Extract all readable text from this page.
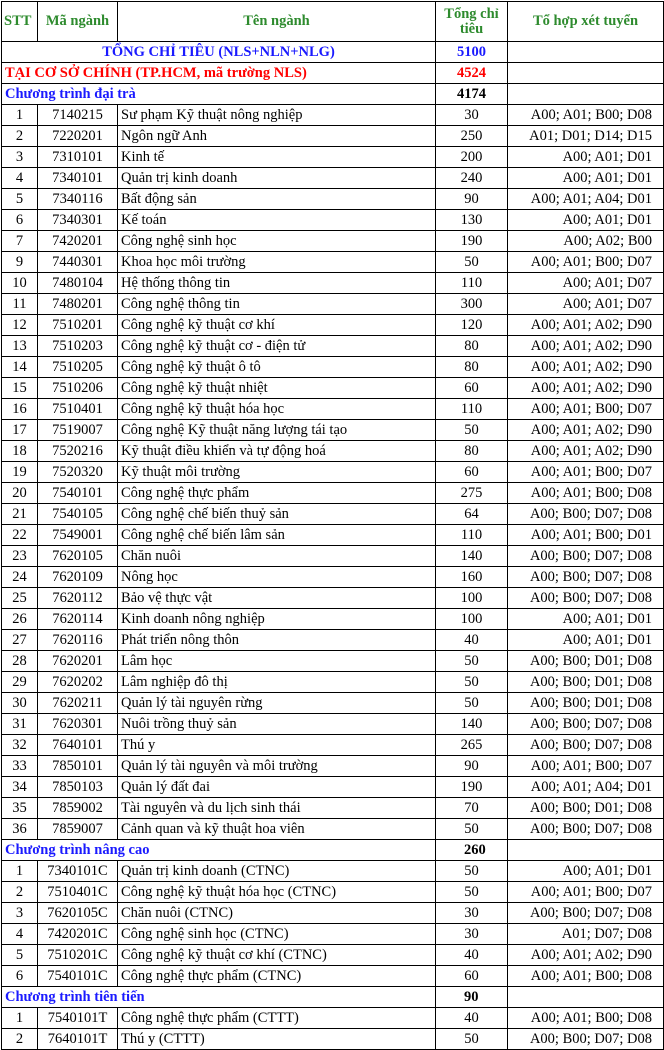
STT	Mã ngành	Tên ngành	Tổng chỉ tiêu	Tổ hợp xét tuyển
TỔNG CHỈ TIÊU (NLS+NLN+NLG)			5100	
TẠI CƠ SỞ CHÍNH (TP.HCM, mã trường NLS)			4524	
Chương trình đại trà			4174	
1	7140215	Sư phạm Kỹ thuật nông nghiệp	30	A00; A01; B00; D08
2	7220201	Ngôn ngữ Anh	250	A01; D01; D14; D15
3	7310101	Kinh tế	200	A00; A01; D01
4	7340101	Quản trị kinh doanh	240	A00; A01; D01
5	7340116	Bất động sản	90	A00; A01; A04; D01
6	7340301	Kế toán	130	A00; A01; D01
7	7420201	Công nghệ sinh học	190	A00; A02; B00
9	7440301	Khoa học môi trường	50	A00; A01; B00; D07
10	7480104	Hệ thống thông tin	110	A00; A01; D07
11	7480201	Công nghệ thông tin	300	A00; A01; D07
12	7510201	Công nghệ kỹ thuật cơ khí	120	A00; A01; A02; D90
13	7510203	Công nghệ kỹ thuật cơ - điện tử	80	A00; A01; A02; D90
14	7510205	Công nghệ kỹ thuật ô tô	80	A00; A01; A02; D90
15	7510206	Công nghệ kỹ thuật nhiệt	60	A00; A01; A02; D90
16	7510401	Công nghệ kỹ thuật hóa học	110	A00; A01; B00; D07
17	7519007	Công nghệ Kỹ thuật năng lượng tái tạo	50	A00; A01; A02; D90
18	7520216	Kỹ thuật điều khiển và tự động hoá	80	A00; A01; A02; D90
19	7520320	Kỹ thuật môi trường	60	A00; A01; B00; D07
20	7540101	Công nghệ thực phẩm	275	A00; A01; B00; D08
21	7540105	Công nghệ chế biến thuỷ sản	64	A00; B00; D07; D08
22	7549001	Công nghệ chế biến lâm sản	110	A00; A01; B00; D01
23	7620105	Chăn nuôi	140	A00; B00; D07; D08
24	7620109	Nông học	160	A00; B00; D07; D08
25	7620112	Bảo vệ thực vật	100	A00; B00; D07; D08
26	7620114	Kinh doanh nông nghiệp	100	A00; A01; D01
27	7620116	Phát triển nông thôn	40	A00; A01; D01
28	7620201	Lâm học	50	A00; B00; D01; D08
29	7620202	Lâm nghiệp đô thị	50	A00; B00; D01; D08
30	7620211	Quản lý tài nguyên rừng	50	A00; B00; D01; D08
31	7620301	Nuôi trồng thuỷ sản	140	A00; B00; D07; D08
32	7640101	Thú y	265	A00; B00; D07; D08
33	7850101	Quản lý tài nguyên và môi trường	90	A00; A01; B00; D07
34	7850103	Quản lý đất đai	190	A00; A01; A04; D01
35	7859002	Tài nguyên và du lịch sinh thái	70	A00; B00; D01; D08
36	7859007	Cảnh quan và kỹ thuật hoa viên	50	A00; B00; D07; D08
Chương trình nâng cao			260	
1	7340101C	Quản trị kinh doanh (CTNC)	50	A00; A01; D01
2	7510401C	Công nghệ kỹ thuật hóa học (CTNC)	50	A00; A01; B00; D07
3	7620105C	Chăn nuôi (CTNC)	30	A00; B00; D07; D08
4	7420201C	Công nghệ sinh học (CTNC)	30	A01; D07; D08
5	7510201C	Công nghệ kỹ thuật cơ khí (CTNC)	40	A00; A01; A02; D90
6	7540101C	Công nghệ thực phẩm (CTNC)	60	A00; A01; B00; D08
Chương trình tiên tiến			90	
1	7540101T	Công nghệ thực phẩm (CTTT)	40	A00; A01; B00; D08
2	7640101T	Thú y (CTTT)	50	A00; B00; D07; D08
